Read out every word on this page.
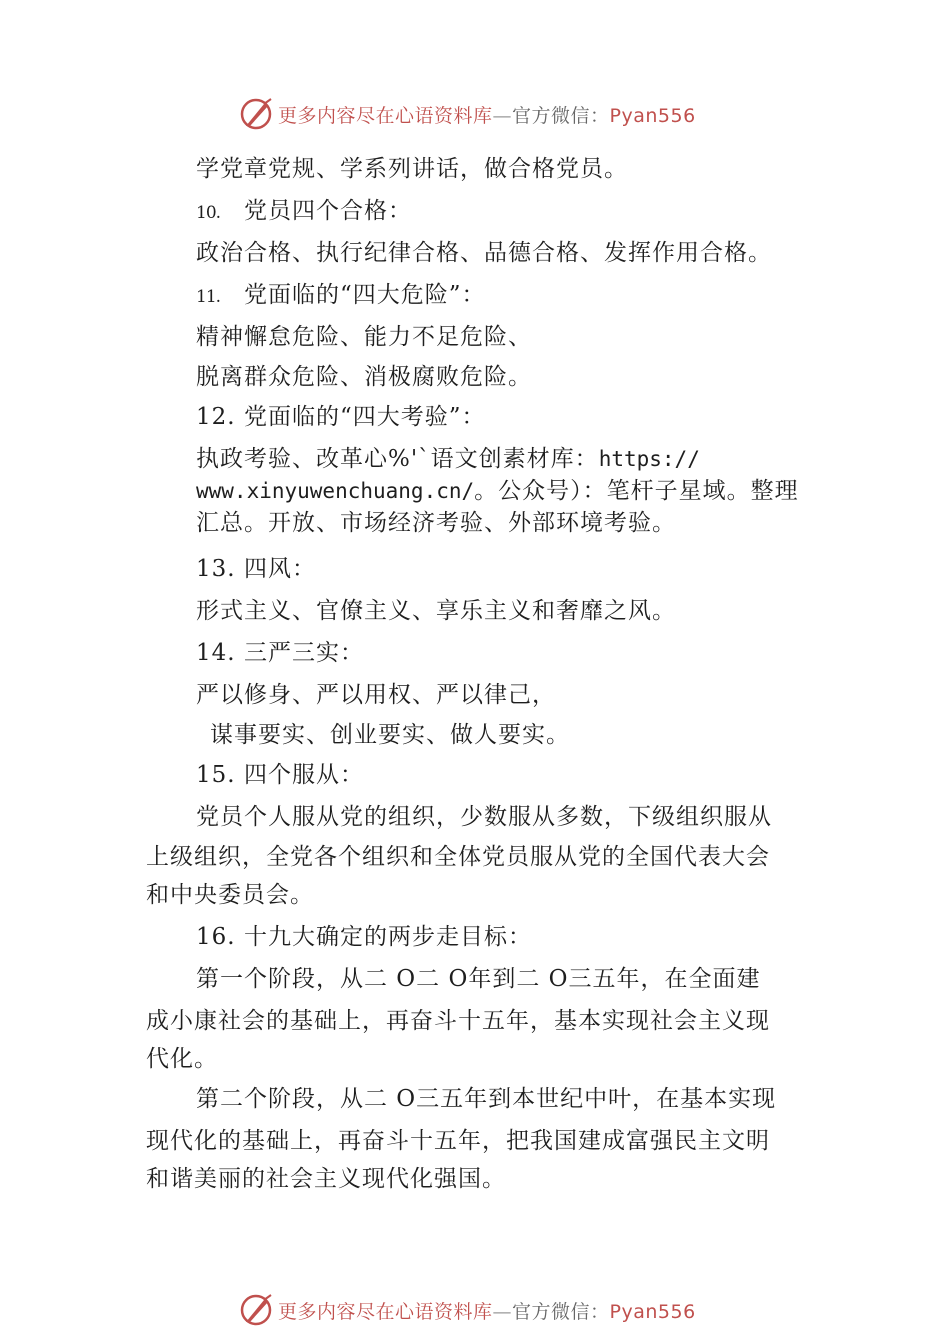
更多内容尽在心语资料库—官方微信：Pyan556
学党章党规、学系列讲话，做合格党员。
10. 党员四个合格：
政治合格、执行纪律合格、品德合格、发挥作用合格。
11. 党面临的“四大危险”：
精神懈怠危险、能力不足危险、
脱离群众危险、消极腐败危险。
12. 党面临的“四大考验”：
执政考验、改革心%'`语文创素材库：https://
www.xinyuwenchuang.cn/。公众号）：笔杆子星域。整理
汇总。开放、市场经济考验、外部环境考验。
13. 四风：
形式主义、官僚主义、享乐主义和奢靡之风。
14. 三严三实：
严以修身、严以用权、严以律己，
谋事要实、创业要实、做人要实。
15. 四个服从：
党员个人服从党的组织，少数服从多数，下级组织服从
上级组织，全党各个组织和全体党员服从党的全国代表大会
和中央委员会。
16. 十九大确定的两步走目标：
第一个阶段，从二 O二 O年到二 O三五年，在全面建
成小康社会的基础上，再奋斗十五年，基本实现社会主义现
代化。
第二个阶段，从二 O三五年到本世纪中叶，在基本实现
现代化的基础上，再奋斗十五年，把我国建成富强民主文明
和谐美丽的社会主义现代化强国。
更多内容尽在心语资料库—官方微信：Pyan556
